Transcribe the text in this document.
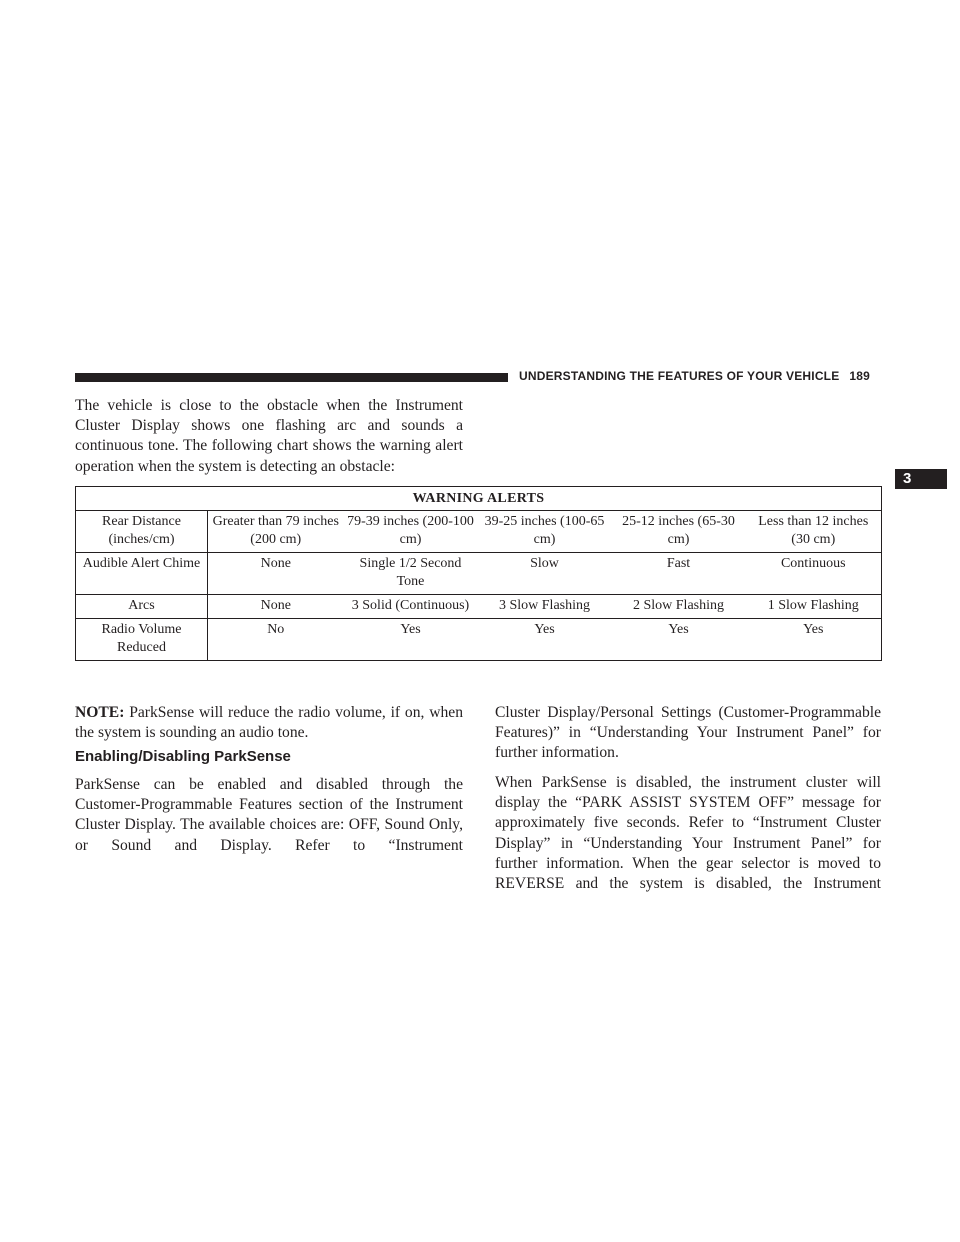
UNDERSTANDING THE FEATURES OF YOUR VEHICLE 189
3

The vehicle is close to the obstacle when the Instrument Cluster Display shows one flashing arc and sounds a continuous tone. The following chart shows the warning alert operation when the system is detecting an obstacle:

WARNING ALERTS					
Rear Distance (inches/cm)	Greater than 79 inches (200 cm)	79-39 inches (200-100 cm)	39-25 inches (100-65 cm)	25-12 inches (65-30 cm)	Less than 12 inches (30 cm)
Audible Alert Chime	None	Single 1/2 Second Tone	Slow	Fast	Continuous
Arcs	None	3 Solid (Continuous)	3 Slow Flashing	2 Slow Flashing	1 Slow Flashing
Radio Volume Reduced	No	Yes	Yes	Yes	Yes

NOTE: ParkSense will reduce the radio volume, if on, when the system is sounding an audio tone.

Enabling/Disabling ParkSense

ParkSense can be enabled and disabled through the Customer-Programmable Features section of the Instrument Cluster Display. The available choices are: OFF, Sound Only, or Sound and Display. Refer to “Instrument

Cluster Display/Personal Settings (Customer-Programmable Features)” in “Understanding Your Instrument Panel” for further information.

When ParkSense is disabled, the instrument cluster will display the “PARK ASSIST SYSTEM OFF” message for approximately five seconds. Refer to “Instrument Cluster Display” in “Understanding Your Instrument Panel” for further information. When the gear selector is moved to REVERSE and the system is disabled, the Instrument
